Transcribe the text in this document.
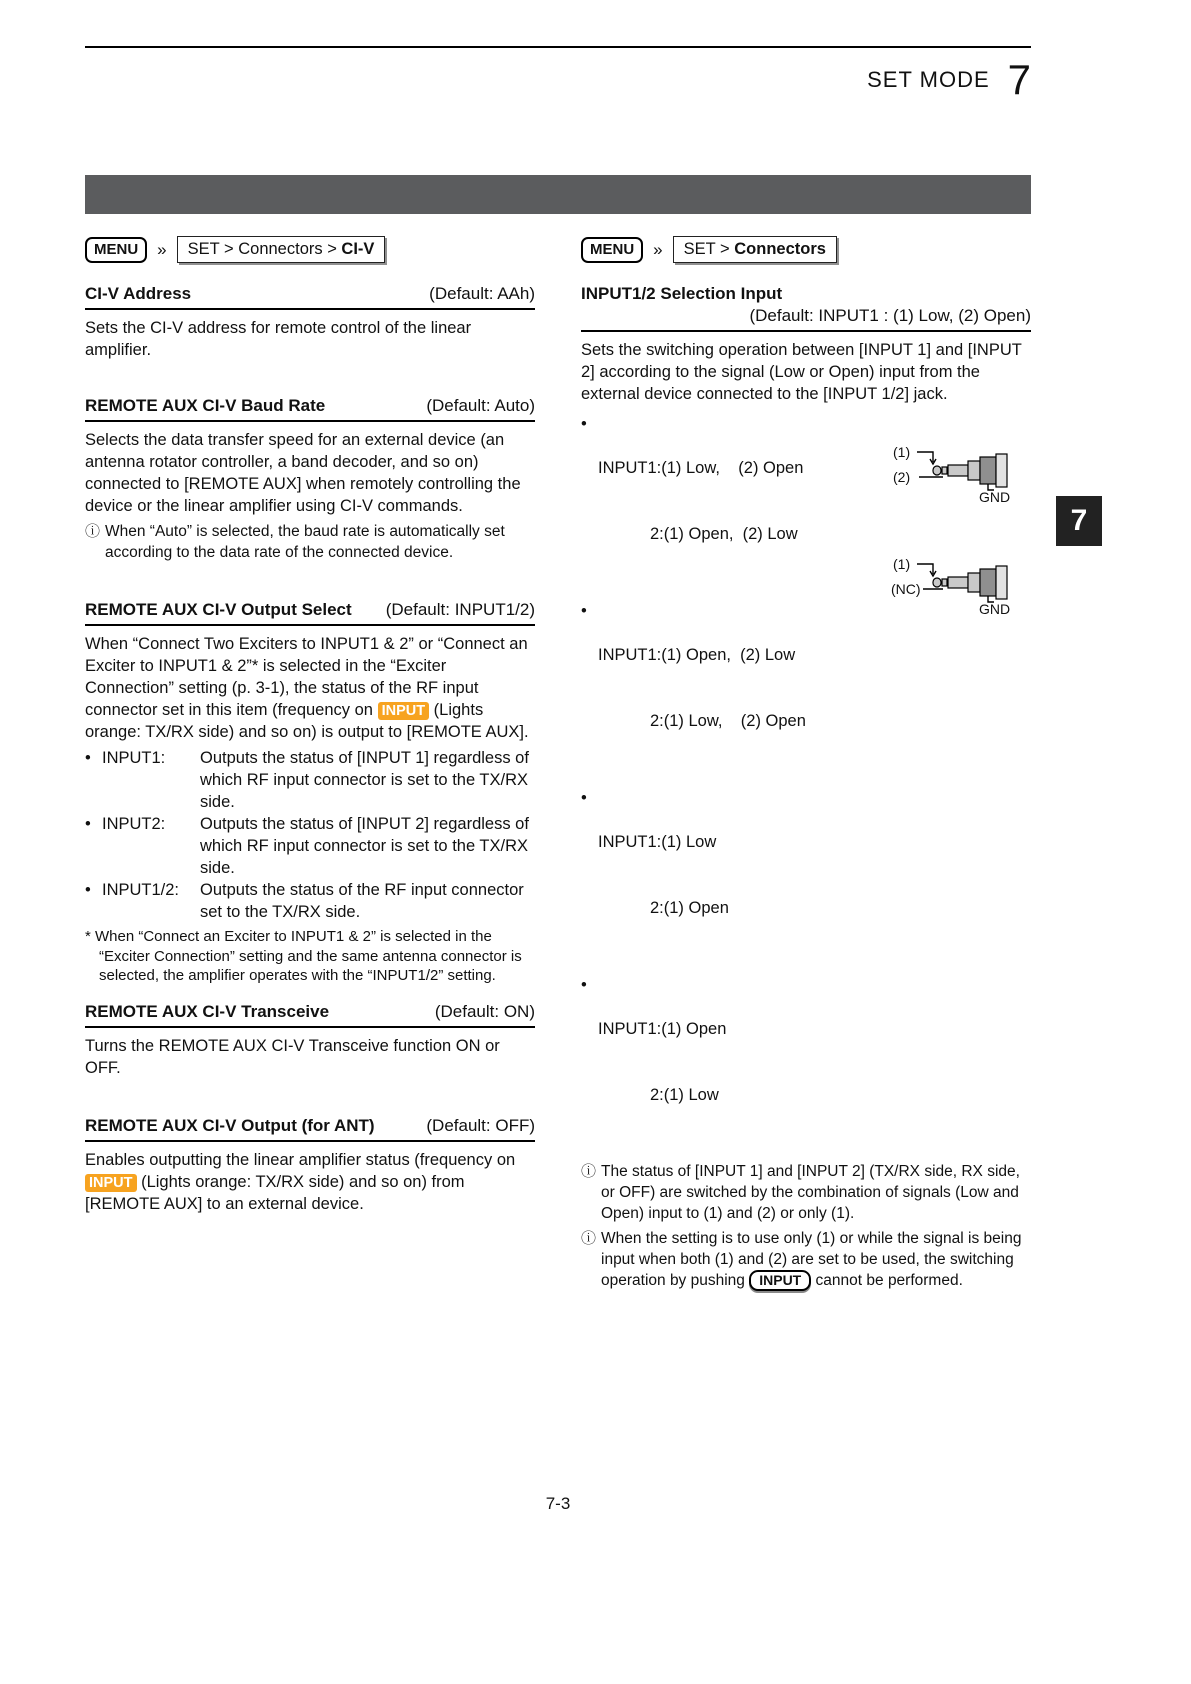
SET MODE 7
7
MENU	»	SET > Connectors > CI-V
CI-V Address	(Default: AAh)

Sets the CI-V address for remote control of the linear amplifier.

REMOTE AUX CI-V Baud Rate	(Default: Auto)

Selects the data transfer speed for an external device (an antenna rotator controller, a band decoder, and so on) connected to [REMOTE AUX] when remotely controlling the device or the linear amplifier using CI-V commands.

ⓘ When “Auto” is selected, the baud rate is automatically set according to the data rate of the connected device.
REMOTE AUX CI-V Output Select (Default: INPUT1/2)

When “Connect Two Exciters to INPUT1 & 2” or “Connect an Exciter to INPUT1 & 2”* is selected in the “Exciter Connection” setting (p. 3-1), the status of the RF input connector set in this item (frequency on INPUT (Lights orange: TX/RX side) and so on) is output to [REMOTE AUX].

• INPUT1:	Outputs the status of [INPUT 1] regardless of which RF input connector is set to the TX/RX side.
• INPUT2:	Outputs the status of [INPUT 2] regardless of which RF input connector is set to the TX/RX side.
• INPUT1/2:	Outputs the status of the RF input connector set to the TX/RX side.

* When “Connect an Exciter to INPUT1 & 2” is selected in the “Exciter Connection” setting and the same antenna connector is selected, the amplifier operates with the “INPUT1/2” setting.

REMOTE AUX CI-V Transceive	(Default: ON)

Turns the REMOTE AUX CI-V Transceive function ON or OFF.

REMOTE AUX CI-V Output (for ANT)	(Default: OFF)

Enables outputting the linear amplifier status (frequency on INPUT (Lights orange: TX/RX side) and so on) from [REMOTE AUX] to an external device.

MENU	»	SET > Connectors
INPUT1/2 Selection Input
(Default: INPUT1 : (1) Low, (2) Open)

Sets the switching operation between [INPUT 1] and [INPUT 2] according to the signal (Low or Open) input from the external device connected to the [INPUT 1/2] jack.

•

INPUT1:(1) Low,    (2) Open

2:(1) Open,  (2) Low

•

INPUT1:(1) Open,  (2) Low

2:(1) Low,    (2) Open

•

INPUT1:(1) Low

2:(1) Open

•

INPUT1:(1) Open

2:(1) Low

ⓘ The status of [INPUT 1] and [INPUT 2] (TX/RX side, RX side, or OFF) are switched by the combination of signals (Low and Open) input to (1) and (2) or only (1).
ⓘ When the setting is to use only (1) or while the signal is being input when both (1) and (2) are set to be used, the switching operation by pushing INPUT cannot be performed.
(1)
(2)
GND
(1)
(NC)
GND
7-3
